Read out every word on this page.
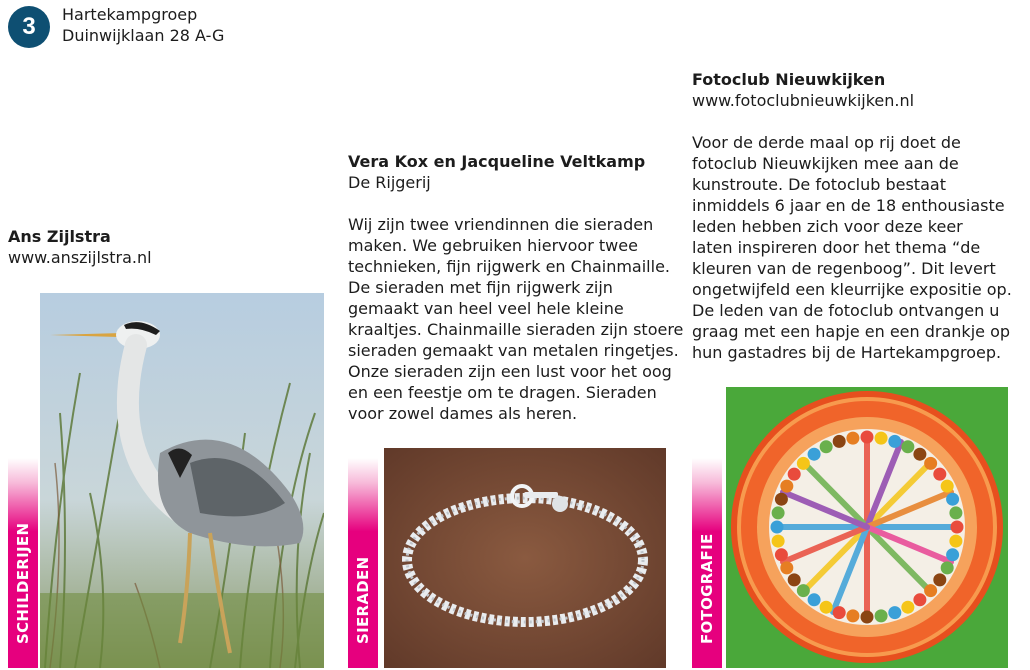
3	Hartekampgroep
Duinwijklaan 28 A-G
Ans Zijlstra
www.anszijlstra.nl
SCHILDERIJEN
Vera Kox en Jacqueline Veltkamp
De Rijgerij
Wij zijn twee vriendinnen die sieraden
maken. We gebruiken hiervoor twee
technieken, fijn rijgwerk en Chainmaille.
De sieraden met fijn rijgwerk zijn
gemaakt van heel veel hele kleine
kraaltjes. Chainmaille sieraden zijn stoere
sieraden gemaakt van metalen ringetjes.
Onze sieraden zijn een lust voor het oog
en een feestje om te dragen. Sieraden
voor zowel dames als heren.
SIERADEN
Fotoclub Nieuwkijken
www.fotoclubnieuwkijken.nl
Voor de derde maal op rij doet de
fotoclub Nieuwkijken mee aan de
kunstroute. De fotoclub bestaat
inmiddels 6 jaar en de 18 enthousiaste
leden hebben zich voor deze keer
laten inspireren door het thema “de
kleuren van de regenboog”. Dit levert
ongetwijfeld een kleurrijke expositie op.
De leden van de fotoclub ontvangen u
graag met een hapje en een drankje op
hun gastadres bij de Hartekampgroep.
FOTOGRAFIE
